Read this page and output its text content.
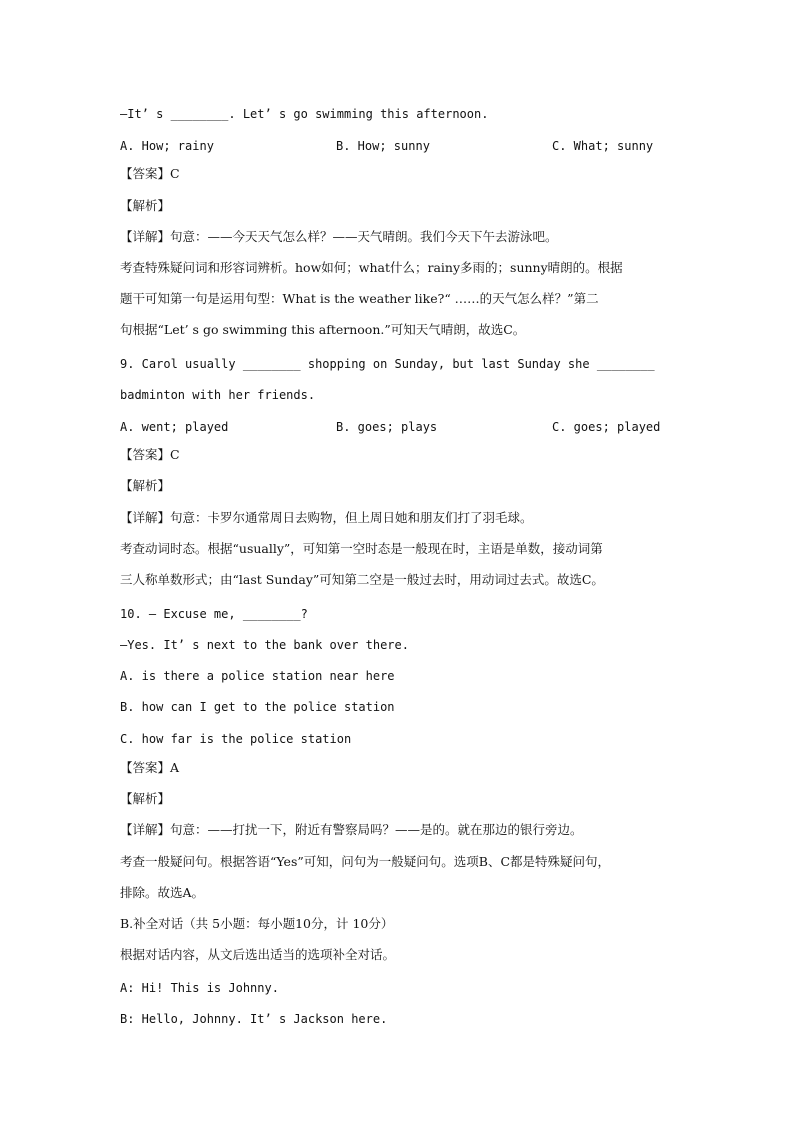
—It’ s ________. Let’ s go swimming this afternoon.
A. How; rainy	B. How; sunny	C. What; sunny
【答案】C
【解析】
【详解】句意：——今天天气怎么样？——天气晴朗。我们今天下午去游泳吧。
考查特殊疑问词和形容词辨析。how如何；what什么；rainy多雨的；sunny晴朗的。根据
题干可知第一句是运用句型：What is the weather like?“ ……的天气怎么样？”第二
句根据“Let’ s go swimming this afternoon.”可知天气晴朗，故选C。
9. Carol usually ________ shopping on Sunday, but last Sunday she ________
badminton with her friends.
A. went; played	B. goes; plays	C. goes; played
【答案】C
【解析】
【详解】句意：卡罗尔通常周日去购物，但上周日她和朋友们打了羽毛球。
考查动词时态。根据“usually”，可知第一空时态是一般现在时，主语是单数，接动词第
三人称单数形式；由“last Sunday”可知第二空是一般过去时，用动词过去式。故选C。
10. — Excuse me, ________?
—Yes. It’ s next to the bank over there.
A. is there a police station near here
B. how can I get to the police station
C. how far is the police station
【答案】A
【解析】
【详解】句意：——打扰一下，附近有警察局吗？——是的。就在那边的银行旁边。
考查一般疑问句。根据答语“Yes”可知，问句为一般疑问句。选项B、C都是特殊疑问句，
排除。故选A。
B.补全对话（共 5小题：每小题10分，计 10分）
根据对话内容，从文后选出适当的选项补全对话。
A: Hi! This is Johnny.
B: Hello, Johnny. It’ s Jackson here.
